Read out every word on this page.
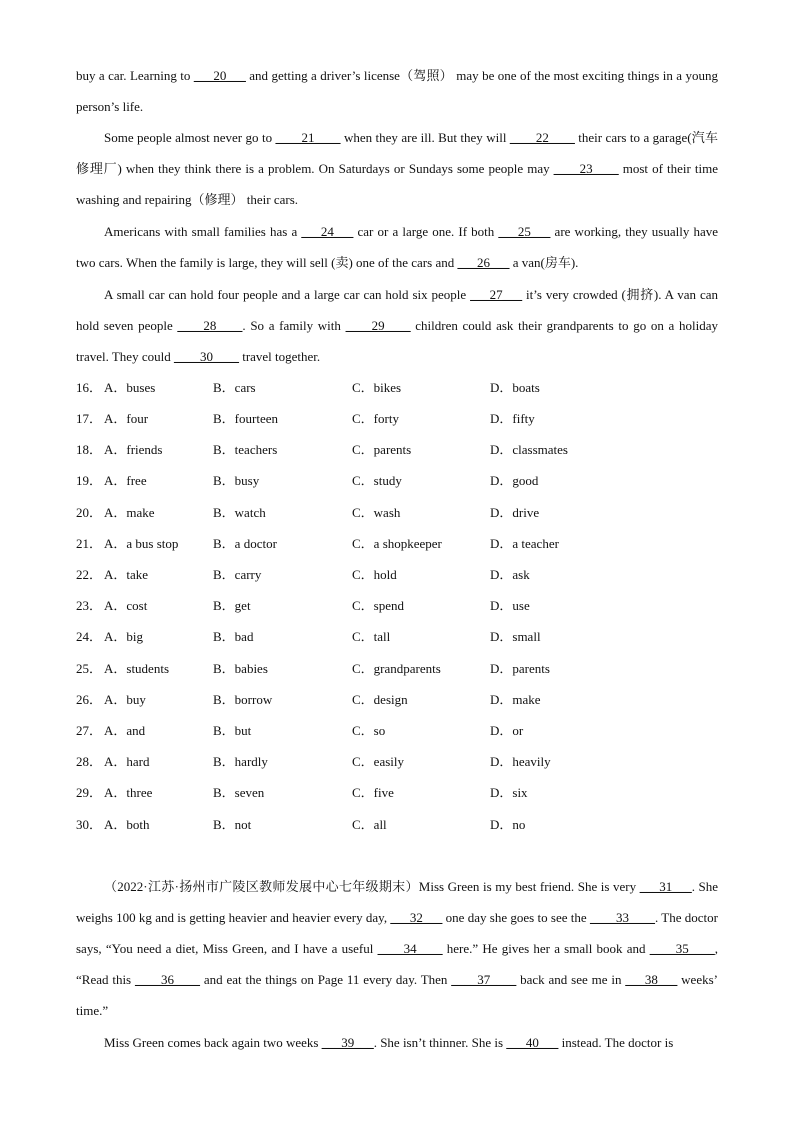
buy a car. Learning to ___20___ and getting a driver’s license（驾照） may be one of the most exciting things in a young person’s life.

Some people almost never go to ____21____ when they are ill. But they will ____22____ their cars to a garage(汽车修理厂) when they think there is a problem. On Saturdays or Sundays some people may ____23____ most of their time washing and repairing（修理） their cars.

Americans with small families has a ___24___ car or a large one. If both ___25___ are working, they usually have two cars. When the family is large, they will sell (卖) one of the cars and ___26___ a van(房车).

A small car can hold four people and a large car can hold six people ___27___ it’s very crowded (拥挤). A van can hold seven people ____28____. So a family with ____29____ children could ask their grandparents to go on a holiday travel. They could ____30____ travel together.

16． A．buses	B．cars	C．bikes	D．boats
17． A．four	B．fourteen	C．forty	D．fifty
18． A．friends	B．teachers	C．parents	D．classmates
19． A．free	B．busy	C．study	D．good
20． A．make	B．watch	C．wash	D．drive
21． A．a bus stop	B．a doctor	C．a shopkeeper	D．a teacher
22． A．take	B．carry	C．hold	D．ask
23． A．cost	B．get	C．spend	D．use
24． A．big	B．bad	C．tall	D．small
25． A．students	B．babies	C．grandparents	D．parents
26． A．buy	B．borrow	C．design	D．make
27． A．and	B．but	C．so	D．or
28． A．hard	B．hardly	C．easily	D．heavily
29． A．three	B．seven	C．five	D．six
30． A．both	B．not	C．all	D．no

（2022·江苏·扬州市广陵区教师发展中心七年级期末）Miss Green is my best friend. She is very ___31___. She weighs 100 kg and is getting heavier and heavier every day, ___32___ one day she goes to see the ____33____. The doctor says, “You need a diet, Miss Green, and I have a useful ____34____ here.” He gives her a small book and ____35____, “Read this ____36____ and eat the things on Page 11 every day. Then ____37____ back and see me in ___38___ weeks’ time.”

Miss Green comes back again two weeks ___39___. She isn’t thinner. She is ___40___ instead. The doctor is
